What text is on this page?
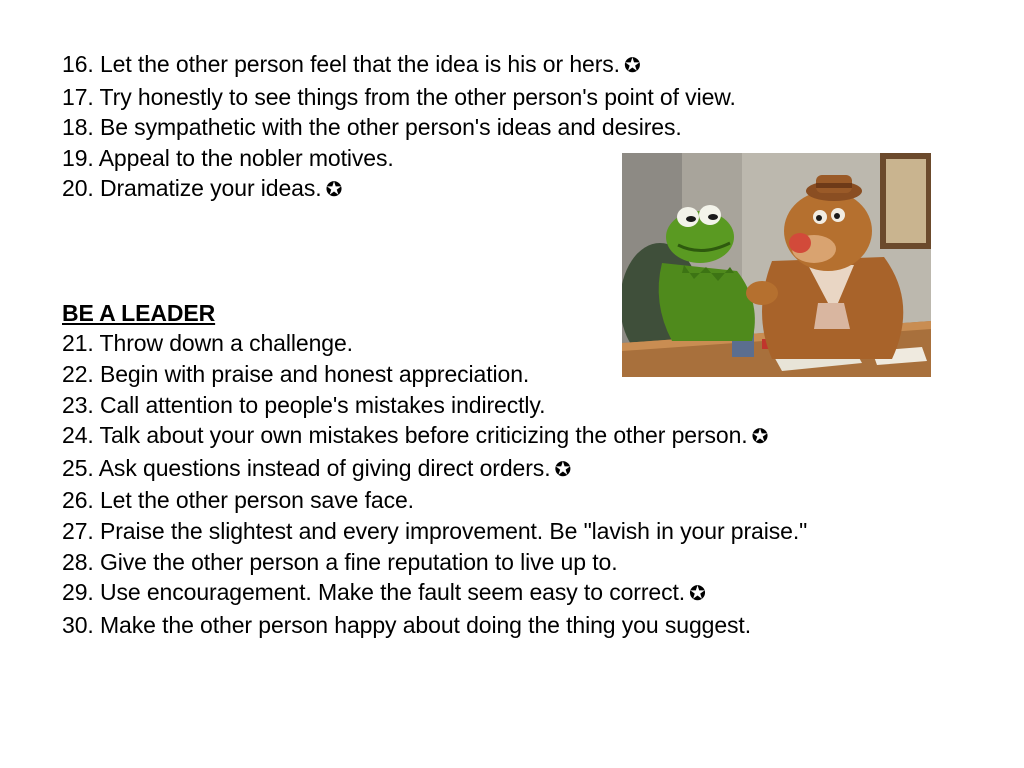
16. Let the other person feel that the idea is his or hers. ✪
17. Try honestly to see things from the other person's point of view.
18. Be sympathetic with the other person's ideas and desires.
19. Appeal to the nobler motives.
20. Dramatize your ideas. ✪
BE A LEADER
21. Throw down a challenge.
22. Begin with praise and honest appreciation.
23. Call attention to people's mistakes indirectly.
24. Talk about your own mistakes before criticizing the other person. ✪
25. Ask questions instead of giving direct orders. ✪
26. Let the other person save face.
27. Praise the slightest and every improvement. Be "lavish in your praise."
28. Give the other person a fine reputation to live up to.
29. Use encouragement. Make the fault seem easy to correct. ✪
30. Make the other person happy about doing the thing you suggest.
